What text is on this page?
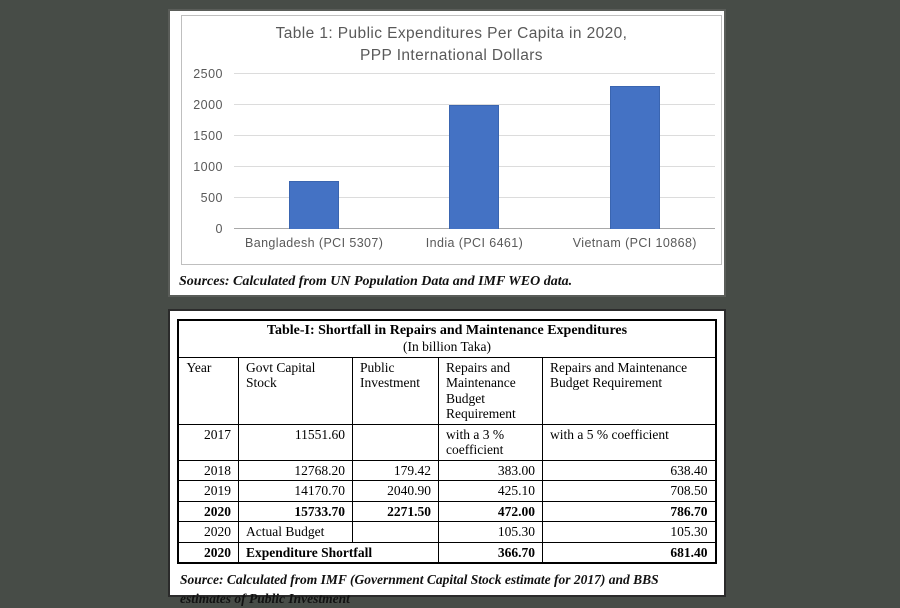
Table 1: Public Expenditures Per Capita in 2020,
PPP International Dollars
2500
2000
1500
1000
500
0
Bangladesh (PCI 5307)	India (PCI 6461)	Vietnam (PCI 10868)
Sources: Calculated from UN Population Data and IMF WEO data.
Table-I: Shortfall in Repairs and Maintenance Expenditures
(In billion Taka)				

Year	Govt Capital Stock	Public Investment	Repairs and Maintenance Budget Requirement	Repairs and Maintenance Budget Requirement
2017	11551.60		with a 3 % coefficient	with a 5 % coefficient
2018	12768.20	179.42	383.00	638.40
2019	14170.70	2040.90	425.10	708.50
2020	15733.70	2271.50	472.00	786.70
2020	Actual Budget		105.30	105.30
2020	Expenditure Shortfall		366.70	681.40
Source: Calculated from IMF (Government Capital Stock estimate for 2017) and BBS estimates of Public Investment
